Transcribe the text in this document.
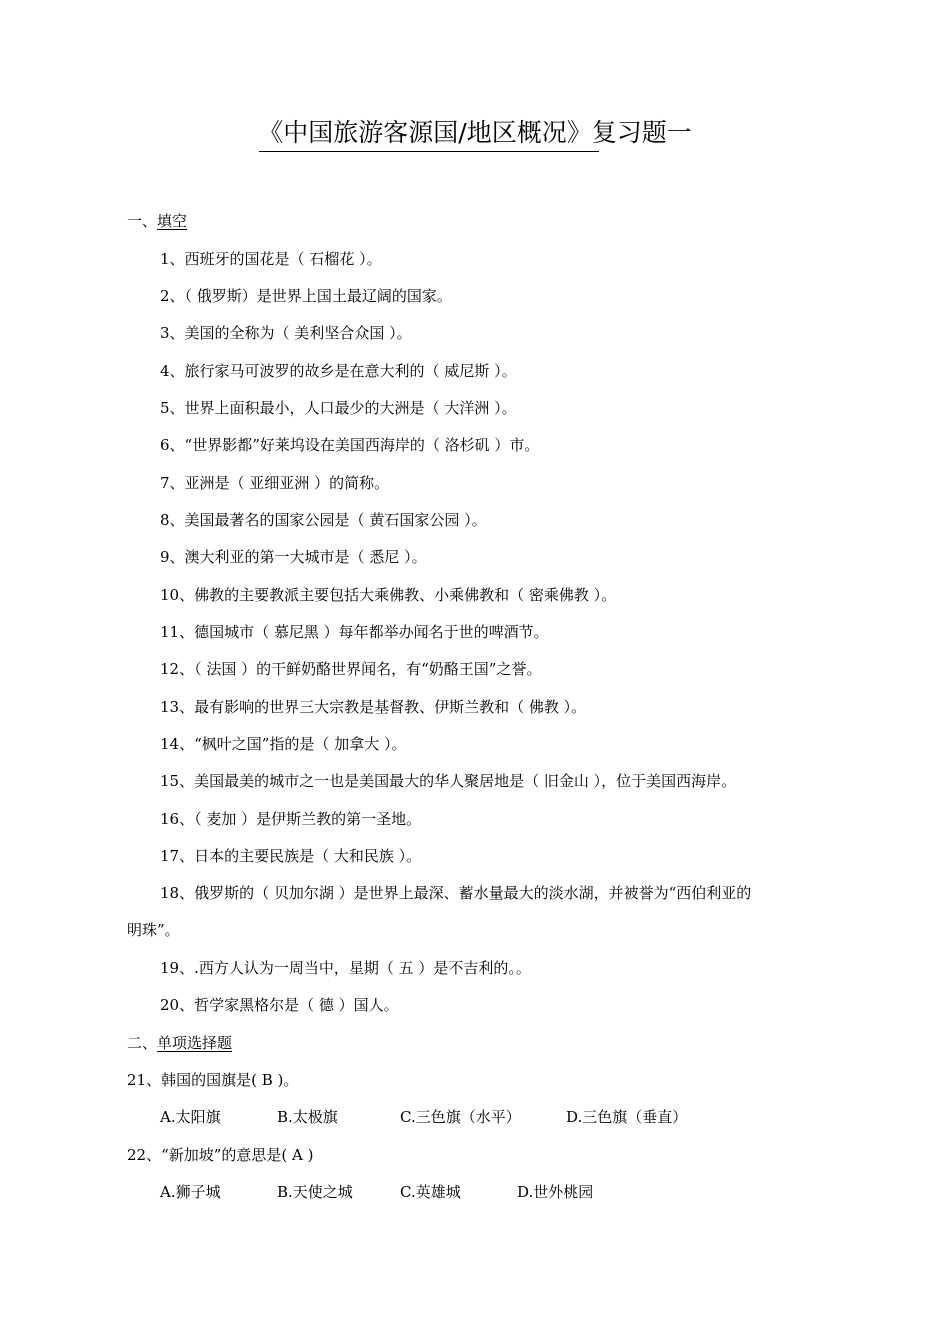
《中国旅游客源国/地区概况》复习题一
一、填空
1、西班牙的国花是（ 石榴花 ）。
2、（ 俄罗斯）是世界上国土最辽阔的国家。
3、美国的全称为（ 美利坚合众国 ）。
4、旅行家马可波罗的故乡是在意大利的（ 威尼斯 ）。
5、世界上面积最小，人口最少的大洲是（ 大洋洲 ）。
6、“世界影都”好莱坞设在美国西海岸的（ 洛杉矶 ）市。
7、亚洲是（ 亚细亚洲 ）的简称。
8、美国最著名的国家公园是（ 黄石国家公园 ）。
9、澳大利亚的第一大城市是（ 悉尼 ）。
10、佛教的主要教派主要包括大乘佛教、小乘佛教和（ 密乘佛教 ）。
11、德国城市（ 慕尼黑 ）每年都举办闻名于世的啤酒节。
12、（ 法国 ）的干鲜奶酪世界闻名，有“奶酪王国”之誉。
13、最有影响的世界三大宗教是基督教、伊斯兰教和（ 佛教 ）。
14、“枫叶之国”指的是（ 加拿大 ）。
15、美国最美的城市之一也是美国最大的华人聚居地是（ 旧金山 ），位于美国西海岸。
16、（ 麦加 ）是伊斯兰教的第一圣地。
17、日本的主要民族是（ 大和民族 ）。
18、俄罗斯的（ 贝加尔湖 ）是世界上最深、蓄水量最大的淡水湖，并被誉为“西伯利亚的
明珠”。
19、.西方人认为一周当中，星期（ 五 ）是不吉利的。。
20、哲学家黑格尔是（ 德 ）国人。
二、单项选择题
21、韩国的国旗是( B )。
A.太阳旗	B.太极旗	C.三色旗（水平）	D.三色旗（垂直）
22、“新加坡”的意思是( A )
A.狮子城	B.天使之城	C.英雄城	D.世外桃园
